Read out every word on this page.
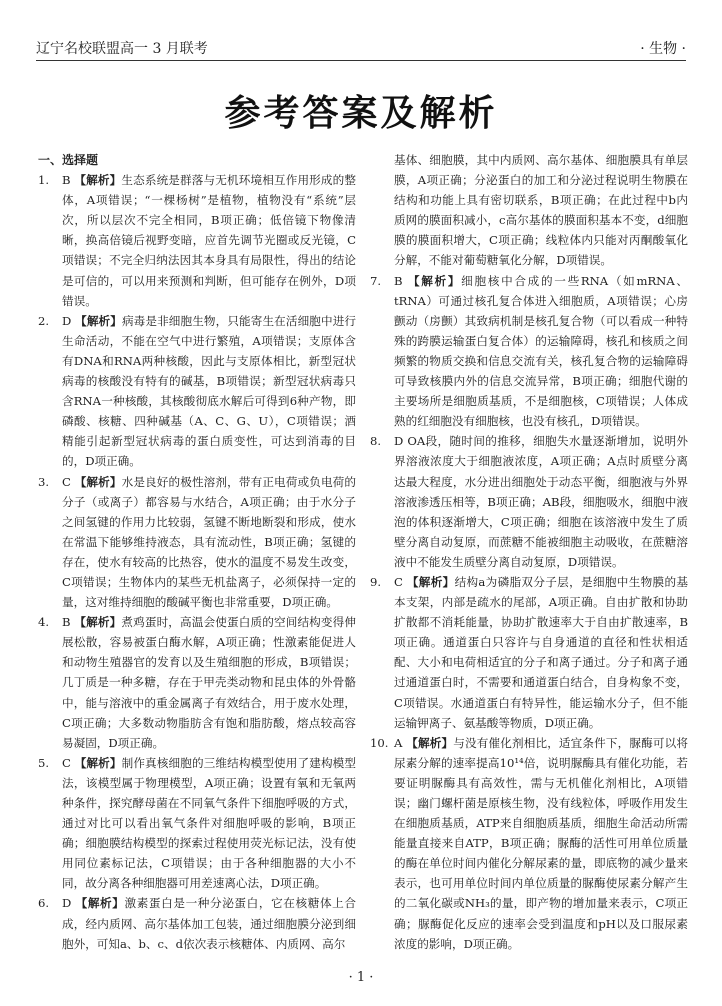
辽宁名校联盟高一 3 月联考	· 生物 ·
参考答案及解析
一、选择题

1. B 【解析】生态系统是群落与无机环境相互作用形成的整体，A项错误；“一棵杨树”是植物，植物没有“系统”层次，所以层次不完全相同，B项正确；低倍镜下物像清晰，换高倍镜后视野变暗，应首先调节光圈或反光镜，C项错误；不完全归纳法因其本身具有局限性，得出的结论是可信的，可以用来预测和判断，但可能存在例外，D项错误。

2. D 【解析】病毒是非细胞生物，只能寄生在活细胞中进行生命活动，不能在空气中进行繁殖，A项错误；支原体含有DNA和RNA两种核酸，因此与支原体相比，新型冠状病毒的核酸没有特有的碱基，B项错误；新型冠状病毒只含RNA一种核酸，其核酸彻底水解后可得到6种产物，即磷酸、核糖、四种碱基（A、C、G、U），C项错误；酒精能引起新型冠状病毒的蛋白质变性，可达到消毒的目的，D项正确。

3. C 【解析】水是良好的极性溶剂，带有正电荷或负电荷的分子（或离子）都容易与水结合，A项正确；由于水分子之间氢键的作用力比较弱，氢键不断地断裂和形成，使水在常温下能够维持液态，具有流动性，B项正确；氢键的存在，使水有较高的比热容，使水的温度不易发生改变，C项错误；生物体内的某些无机盐离子，必须保持一定的量，这对维持细胞的酸碱平衡也非常重要，D项正确。

4. B 【解析】煮鸡蛋时，高温会使蛋白质的空间结构变得伸展松散，容易被蛋白酶水解，A项正确；性激素能促进人和动物生殖器官的发育以及生殖细胞的形成，B项错误；几丁质是一种多糖，存在于甲壳类动物和昆虫体的外骨骼中，能与溶液中的重金属离子有效结合，用于废水处理，C项正确；大多数动物脂肪含有饱和脂肪酸，熔点较高容易凝固，D项正确。

5. C 【解析】制作真核细胞的三维结构模型使用了建构模型法，该模型属于物理模型，A项正确；设置有氧和无氧两种条件，探究酵母菌在不同氧气条件下细胞呼吸的方式，通过对比可以看出氧气条件对细胞呼吸的影响，B项正确；细胞膜结构模型的探索过程使用荧光标记法，没有使用同位素标记法，C项错误；由于各种细胞器的大小不同，故分离各种细胞器可用差速离心法，D项正确。

6. D 【解析】激素蛋白是一种分泌蛋白，它在核糖体上合成，经内质网、高尔基体加工包装，通过细胞膜分泌到细胞外，可知a、b、c、d依次表示核糖体、内质网、高尔

基体、细胞膜，其中内质网、高尔基体、细胞膜具有单层膜，A项正确；分泌蛋白的加工和分泌过程说明生物膜在结构和功能上具有密切联系，B项正确；在此过程中b内质网的膜面积减小，c高尔基体的膜面积基本不变，d细胞膜的膜面积增大，C项正确；线粒体内只能对丙酮酸氧化分解，不能对葡萄糖氧化分解，D项错误。

7. B 【解析】细胞核中合成的一些RNA（如mRNA、tRNA）可通过核孔复合体进入细胞质，A项错误；心房颤动（房颤）其致病机制是核孔复合物（可以看成一种特殊的跨膜运输蛋白复合体）的运输障碍，核孔和核质之间频繁的物质交换和信息交流有关，核孔复合物的运输障碍可导致核膜内外的信息交流异常，B项正确；细胞代谢的主要场所是细胞质基质，不是细胞核，C项错误；人体成熟的红细胞没有细胞核，也没有核孔，D项错误。

8. D OA段，随时间的推移，细胞失水量逐渐增加，说明外界溶液浓度大于细胞液浓度，A项正确；A点时质壁分离达最大程度，水分进出细胞处于动态平衡，细胞液与外界溶液渗透压相等，B项正确；AB段，细胞吸水，细胞中液泡的体积逐渐增大，C项正确；细胞在该溶液中发生了质壁分离自动复原，而蔗糖不能被细胞主动吸收，在蔗糖溶液中不能发生质壁分离自动复原，D项错误。

9. C 【解析】结构a为磷脂双分子层，是细胞中生物膜的基本支架，内部是疏水的尾部，A项正确。自由扩散和协助扩散都不消耗能量，协助扩散速率大于自由扩散速率，B项正确。通道蛋白只容许与自身通道的直径和性状相适配、大小和电荷相适宜的分子和离子通过。分子和离子通过通道蛋白时，不需要和通道蛋白结合，自身构象不变，C项错误。水通道蛋白有特异性，能运输水分子，但不能运输钾离子、氨基酸等物质，D项正确。

10. A 【解析】与没有催化剂相比，适宜条件下，脲酶可以将尿素分解的速率提高10¹⁴倍，说明脲酶具有催化功能，若要证明脲酶具有高效性，需与无机催化剂相比，A项错误；幽门螺杆菌是原核生物，没有线粒体，呼吸作用发生在细胞质基质，ATP来自细胞质基质，细胞生命活动所需能量直接来自ATP，B项正确；脲酶的活性可用单位质量的酶在单位时间内催化分解尿素的量，即底物的减少量来表示，也可用单位时间内单位质量的脲酶使尿素分解产生的二氧化碳或NH₃的量，即产物的增加量来表示，C项正确；脲酶促化反应的速率会受到温度和pH以及口服尿素浓度的影响，D项正确。

· 1 ·
